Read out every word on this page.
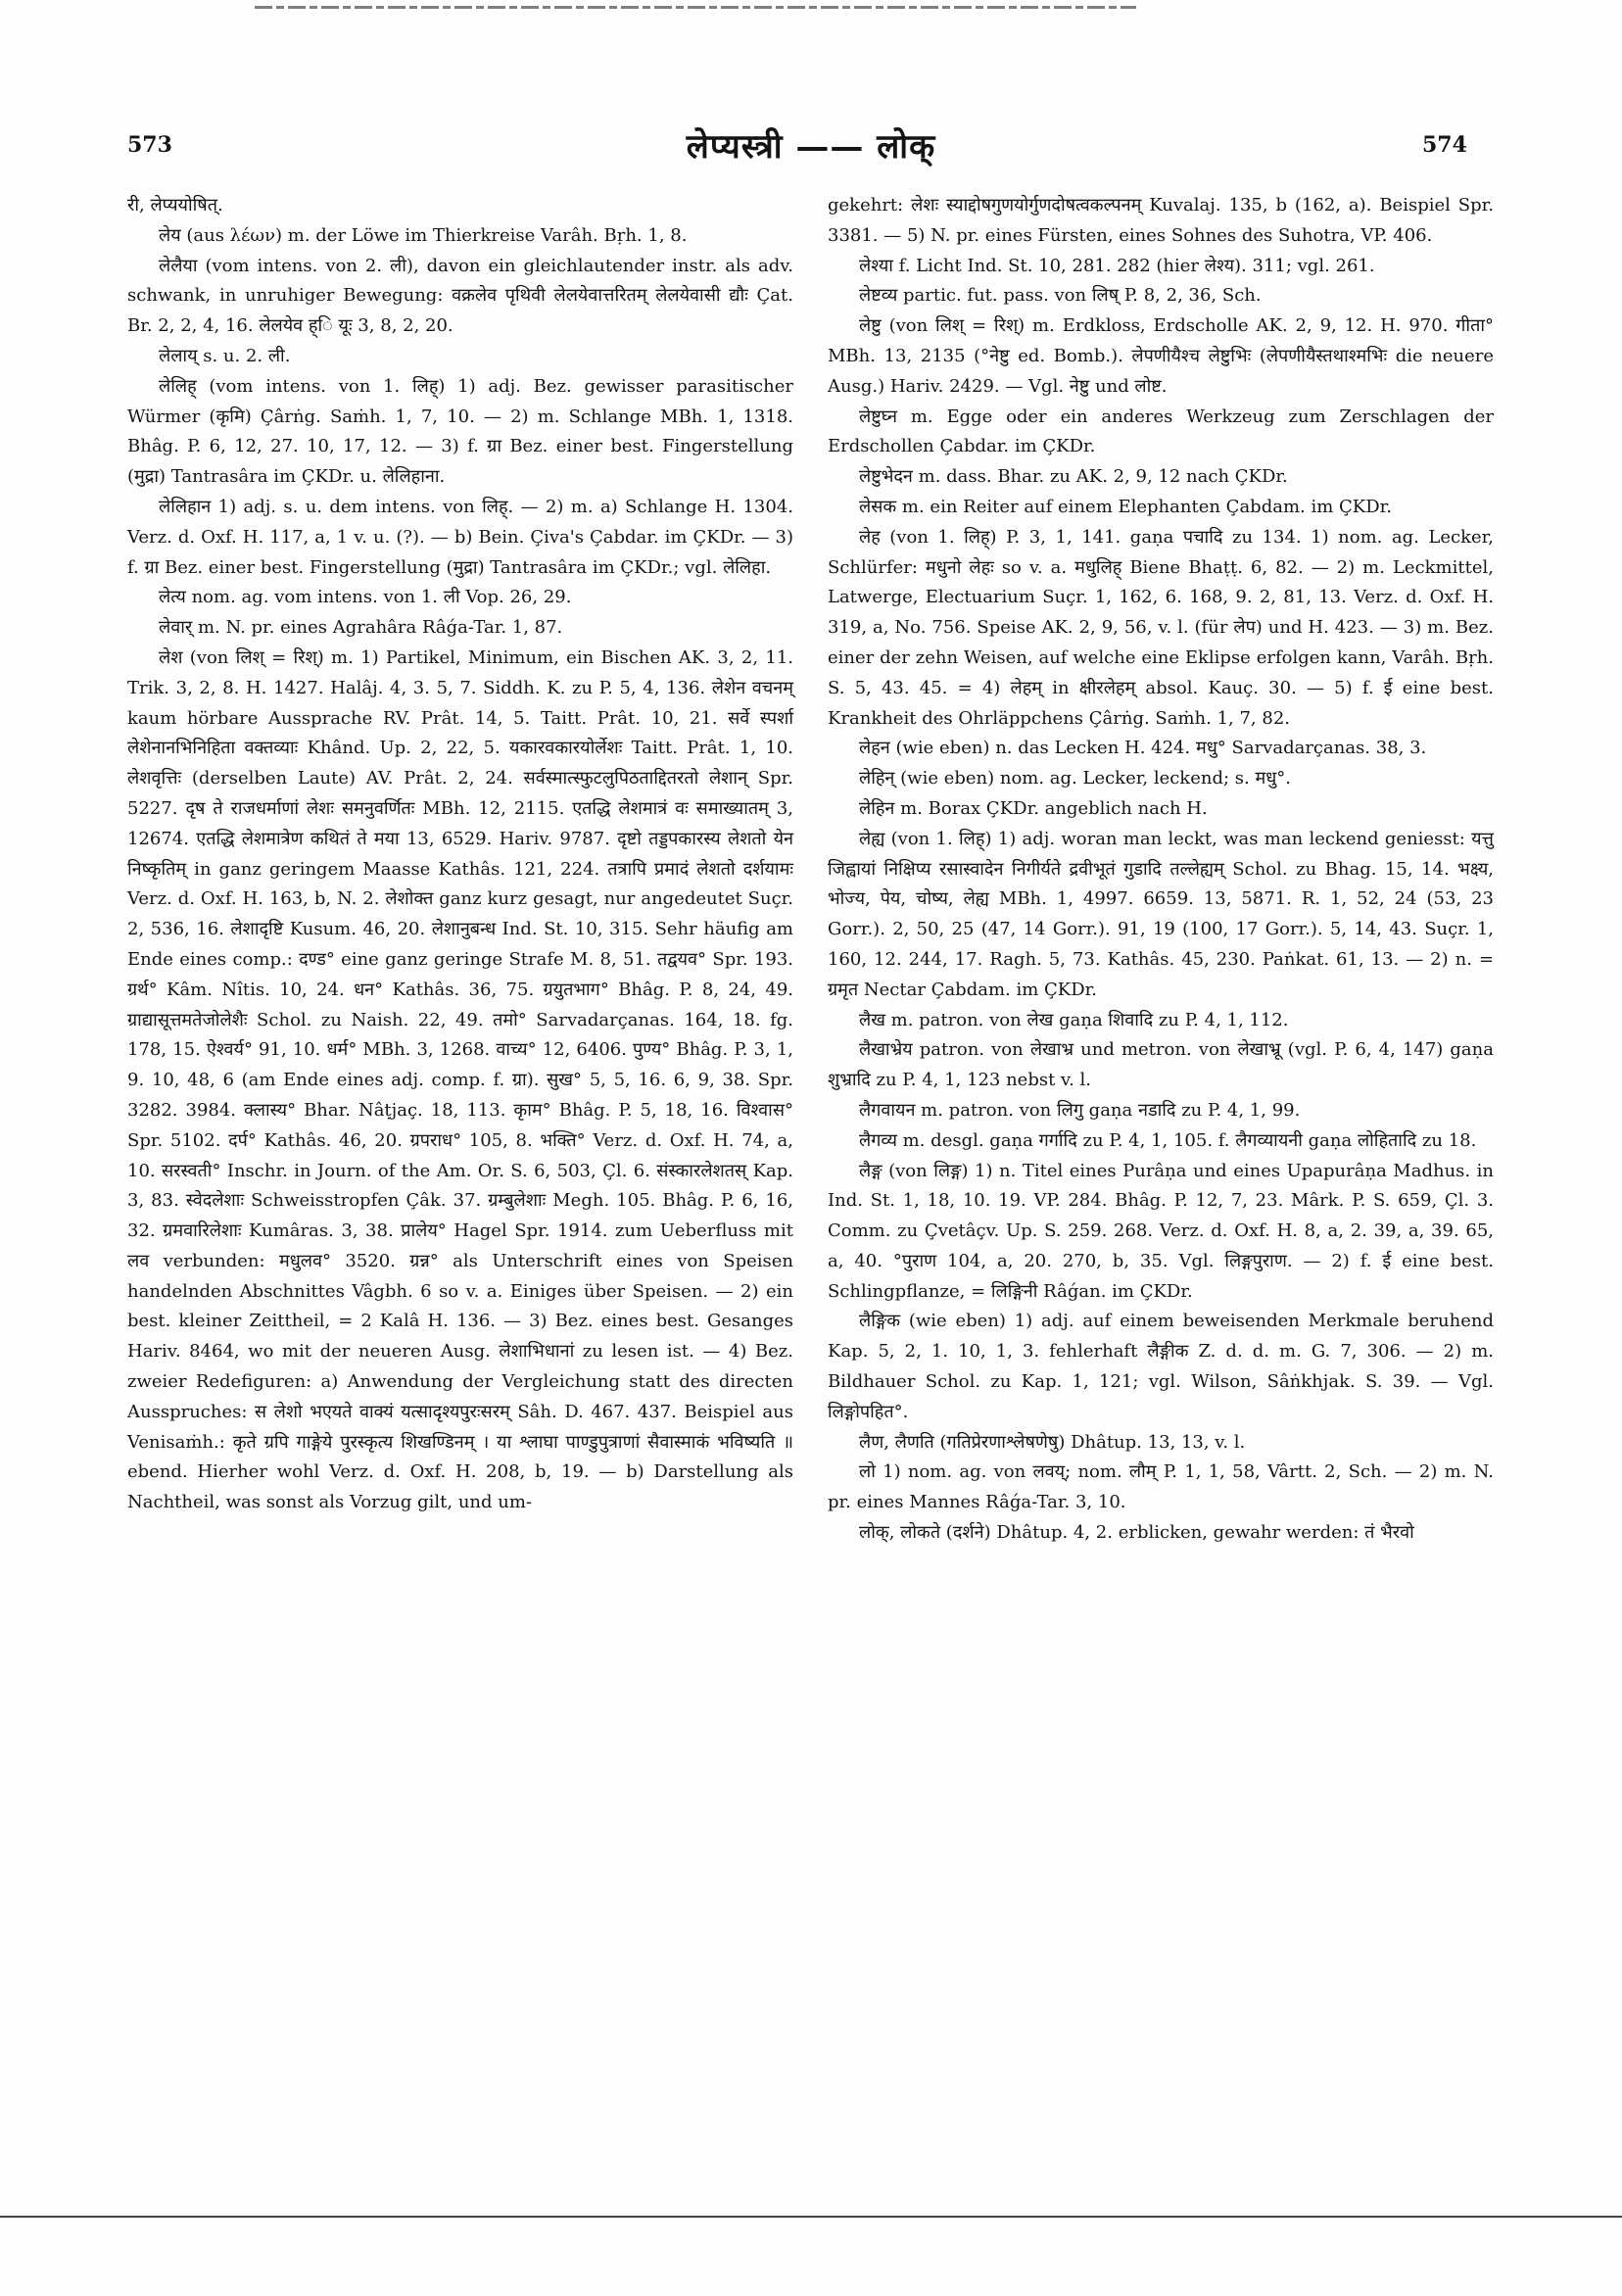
573	लेप्यस्त्री —— लोक्	574

री, लेप्ययोषित्.

लेय (aus λέων) m. der Löwe im Thierkreise Varâh. Bṛh. 1, 8.

लेलैया (vom intens. von 2. ली), davon ein gleichlautender instr. als adv. schwank, in unruhiger Bewegung: वक्रलेव पृथिवी लेलयेवात्तरितम् लेलयेवासी द्यौः Çat. Br. 2, 2, 4, 16. लेलयेव ह्ि यूः 3, 8, 2, 20.

लेलाय् s. u. 2. ली.

लेलिह् (vom intens. von 1. लिह्) 1) adj. Bez. gewisser parasitischer Würmer (कृमि) Çârṅg. Saṁh. 1, 7, 10. — 2) m. Schlange MBh. 1, 1318. Bhâg. P. 6, 12, 27. 10, 17, 12. — 3) f. ग्रा Bez. einer best. Fingerstellung (मुद्रा) Tantrasâra im ÇKDr. u. लेलिहाना.

लेलिहान 1) adj. s. u. dem intens. von लिह्. — 2) m. a) Schlange H. 1304. Verz. d. Oxf. H. 117, a, 1 v. u. (?). — b) Bein. Çiva's Çabdar. im ÇKDr. — 3) f. ग्रा Bez. einer best. Fingerstellung (मुद्रा) Tantrasâra im ÇKDr.; vgl. लेलिहा.

लेत्य nom. ag. vom intens. von 1. ली Vop. 26, 29.

लेवार् m. N. pr. eines Agrahâra Râǵa-Tar. 1, 87.

लेश (von लिश् = रिश्) m. 1) Partikel, Minimum, ein Bischen AK. 3, 2, 11. Trik. 3, 2, 8. H. 1427. Halâj. 4, 3. 5, 7. Siddh. K. zu P. 5, 4, 136. लेशेन वचनम् kaum hörbare Aussprache RV. Prât. 14, 5. Taitt. Prât. 10, 21. सर्वे स्पर्शा लेशेनानभिनिहिता वक्तव्याः Khând. Up. 2, 22, 5. यकारवकारयोर्लेशः Taitt. Prât. 1, 10. लेशवृत्तिः (derselben Laute) AV. Prât. 2, 24. सर्वस्मात्स्फुटलुपिठताद्दितरतो लेशान् Spr. 5227. दृष ते राजधर्माणां लेशः समनुवर्णितः MBh. 12, 2115. एतद्धि लेशमात्रं वः समाख्यातम् 3, 12674. एतद्धि लेशमात्रेण कथितं ते मया 13, 6529. Hariv. 9787. दृष्टो तड्डपकारस्य लेशतो येन निष्कृतिम् in ganz geringem Maasse Kathâs. 121, 224. तत्रापि प्रमादं लेशतो दर्शयामः Verz. d. Oxf. H. 163, b, N. 2. लेशोक्त ganz kurz gesagt, nur angedeutet Suçr. 2, 536, 16. लेशादृष्टि Kusum. 46, 20. लेशानुबन्ध Ind. St. 10, 315. Sehr häufig am Ende eines comp.: दण्ड° eine ganz geringe Strafe M. 8, 51. तद्वयव° Spr. 193. ग्रर्थ° Kâm. Nîtis. 10, 24. धन° Kathâs. 36, 75. ग्रयुतभाग° Bhâg. P. 8, 24, 49. ग्राद्यासूत्तमतेजोलेशैः Schol. zu Naish. 22, 49. तमो° Sarvadarçanas. 164, 18. fg. 178, 15. ऐश्वर्य° 91, 10. धर्म° MBh. 3, 1268. वाच्य° 12, 6406. पुण्य° Bhâg. P. 3, 1, 9. 10, 48, 6 (am Ende eines adj. comp. f. ग्रा). सुख° 5, 5, 16. 6, 9, 38. Spr. 3282. 3984. क्लास्य° Bhar. Nâṭjaç. 18, 113. कृाम° Bhâg. P. 5, 18, 16. विश्वास° Spr. 5102. दर्प° Kathâs. 46, 20. ग्रपराध° 105, 8. भक्ति° Verz. d. Oxf. H. 74, a, 10. सरस्वती° Inschr. in Journ. of the Am. Or. S. 6, 503, Çl. 6. संस्कारलेशतस् Kap. 3, 83. स्वेदलेशाः Schweisstropfen Çâk. 37. ग्रम्बुलेशाः Megh. 105. Bhâg. P. 6, 16, 32. ग्रमवारिलेशाः Kumâras. 3, 38. प्रालेय° Hagel Spr. 1914. zum Ueberfluss mit लव verbunden: मधुलव° 3520. ग्रन्न° als Unterschrift eines von Speisen handelnden Abschnittes Vâgbh. 6 so v. a. Einiges über Speisen. — 2) ein best. kleiner Zeittheil, = 2 Kalâ H. 136. — 3) Bez. eines best. Gesanges Hariv. 8464, wo mit der neueren Ausg. लेशाभिधानां zu lesen ist. — 4) Bez. zweier Redefiguren: a) Anwendung der Vergleichung statt des directen Ausspruches: स लेशो भएयते वाक्यं यत्सादृश्यपुरःसरम् Sâh. D. 467. 437. Beispiel aus Venisaṁh.: कृते ग्रपि गाङ्गेये पुरस्कृत्य शिखण्डिनम् । या श्लाघा पाण्डुपुत्राणां सैवास्माकं भविष्यति ॥ ebend. Hierher wohl Verz. d. Oxf. H. 208, b, 19. — b) Darstellung als Nachtheil, was sonst als Vorzug gilt, und um-

gekehrt: लेशः स्याद्दोषगुणयोर्गुणदोषत्वकल्पनम् Kuvalaj. 135, b (162, a). Beispiel Spr. 3381. — 5) N. pr. eines Fürsten, eines Sohnes des Suhotra, VP. 406.

लेश्या f. Licht Ind. St. 10, 281. 282 (hier लेश्य). 311; vgl. 261.

लेष्टव्य partic. fut. pass. von लिष् P. 8, 2, 36, Sch.

लेष्टु (von लिश् = रिश्) m. Erdkloss, Erdscholle AK. 2, 9, 12. H. 970. गीता° MBh. 13, 2135 (°नेष्टु ed. Bomb.). लेपणीयैश्च लेष्टुभिः (लेपणीयैस्तथाश्मभिः die neuere Ausg.) Hariv. 2429. — Vgl. नेष्टु und लोष्ट.

लेष्टुघ्न m. Egge oder ein anderes Werkzeug zum Zerschlagen der Erdschollen Çabdar. im ÇKDr.

लेष्टुभेदन m. dass. Bhar. zu AK. 2, 9, 12 nach ÇKDr.

लेसक m. ein Reiter auf einem Elephanten Çabdam. im ÇKDr.

लेह (von 1. लिह्) P. 3, 1, 141. gaṇa पचादि zu 134. 1) nom. ag. Lecker, Schlürfer: मधुनो लेहः so v. a. मधुलिह् Biene Bhaṭṭ. 6, 82. — 2) m. Leckmittel, Latwerge, Electuarium Suçr. 1, 162, 6. 168, 9. 2, 81, 13. Verz. d. Oxf. H. 319, a, No. 756. Speise AK. 2, 9, 56, v. l. (für लेप) und H. 423. — 3) m. Bez. einer der zehn Weisen, auf welche eine Eklipse erfolgen kann, Varâh. Bṛh. S. 5, 43. 45. = 4) लेहम् in क्षीरलेहम् absol. Kauç. 30. — 5) f. ई eine best. Krankheit des Ohrläppchens Çârṅg. Saṁh. 1, 7, 82.

लेहन (wie eben) n. das Lecken H. 424. मधु° Sarvadarçanas. 38, 3.

लेहिन् (wie eben) nom. ag. Lecker, leckend; s. मधु°.

लेहिन m. Borax ÇKDr. angeblich nach H.

लेह्य (von 1. लिह्) 1) adj. woran man leckt, was man leckend geniesst: यत्तु जिह्वायां निक्षिप्य रसास्वादेन निगीर्यते द्रवीभूतं गुडादि तल्लेह्यम् Schol. zu Bhag. 15, 14. भक्ष्य, भोज्य, पेय, चोष्य, लेह्य MBh. 1, 4997. 6659. 13, 5871. R. 1, 52, 24 (53, 23 Gorr.). 2, 50, 25 (47, 14 Gorr.). 91, 19 (100, 17 Gorr.). 5, 14, 43. Suçr. 1, 160, 12. 244, 17. Ragh. 5, 73. Kathâs. 45, 230. Paṅkat. 61, 13. — 2) n. = ग्रमृत Nectar Çabdam. im ÇKDr.

लैख m. patron. von लेख gaṇa शिवादि zu P. 4, 1, 112.

लैखाभ्रेय patron. von लेखाभ्र und metron. von लेखाभ्रू (vgl. P. 6, 4, 147) gaṇa शुभ्रादि zu P. 4, 1, 123 nebst v. l.

लैगवायन m. patron. von लिगु gaṇa नडादि zu P. 4, 1, 99.

लैगव्य m. desgl. gaṇa गर्गादि zu P. 4, 1, 105. f. लैगव्यायनी gaṇa लोहितादि zu 18.

लैङ्ग (von लिङ्ग) 1) n. Titel eines Purâṇa und eines Upapurâṇa Madhus. in Ind. St. 1, 18, 10. 19. VP. 284. Bhâg. P. 12, 7, 23. Mârk. P. S. 659, Çl. 3. Comm. zu Çvetâçv. Up. S. 259. 268. Verz. d. Oxf. H. 8, a, 2. 39, a, 39. 65, a, 40. °पुराण 104, a, 20. 270, b, 35. Vgl. लिङ्गपुराण. — 2) f. ई eine best. Schlingpflanze, = लिङ्गिनी Râǵan. im ÇKDr.

लैङ्गिक (wie eben) 1) adj. auf einem beweisenden Merkmale beruhend Kap. 5, 2, 1. 10, 1, 3. fehlerhaft लैङ्गीक Z. d. d. m. G. 7, 306. — 2) m. Bildhauer Schol. zu Kap. 1, 121; vgl. Wilson, Sâṅkhjak. S. 39. — Vgl. लिङ्गोपहित°.

लैण, लैणति (गतिप्रेरणाश्लेषणेषु) Dhâtup. 13, 13, v. l.

लो 1) nom. ag. von लवय्; nom. लौम् P. 1, 1, 58, Vârtt. 2, Sch. — 2) m. N. pr. eines Mannes Râǵa-Tar. 3, 10.

लोक्, लोकते (दर्शने) Dhâtup. 4, 2. erblicken, gewahr werden: तं भैरवो
